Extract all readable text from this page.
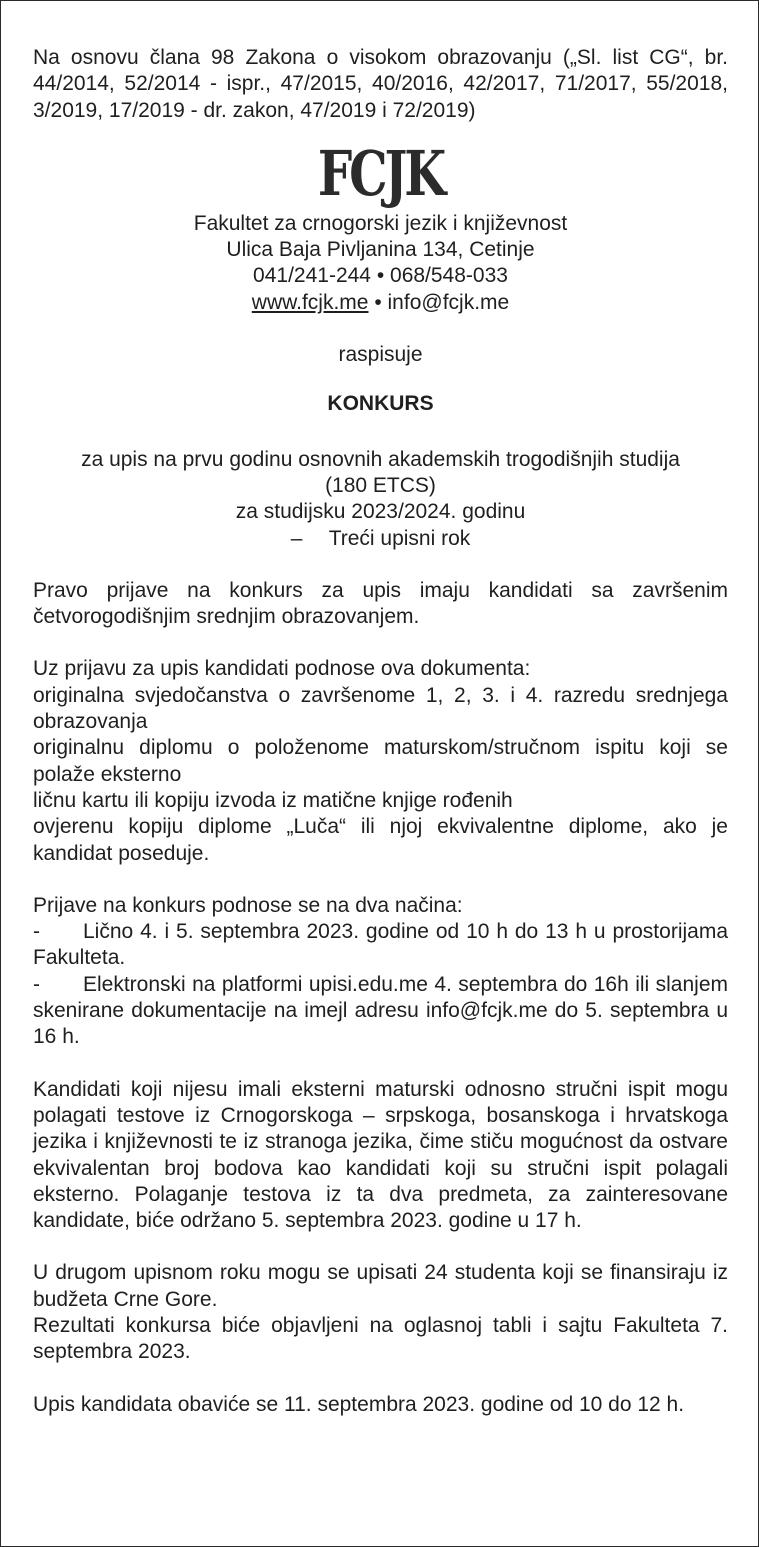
Na osnovu člana 98 Zakona o visokom obrazovanju („Sl. list CG“, br. 44/2014, 52/2014 - ispr., 47/2015, 40/2016, 42/2017, 71/2017, 55/2018, 3/2019, 17/2019 - dr. zakon, 47/2019 i 72/2019)

FCJK
Fakultet za crnogorski jezik i književnost
Ulica Baja Pivljanina 134, Cetinje
041/241-244 • 068/548-033
www.fcjk.me • info@fcjk.me

raspisuje

KONKURS

za upis na prvu godinu osnovnih akademskih trogodišnjih studija
(180 ETCS)
za studijsku 2023/2024. godinu
– Treći upisni rok

Pravo prijave na konkurs za upis imaju kandidati sa završenim četvorogodišnjim srednjim obrazovanjem.

Uz prijavu za upis kandidati podnose ova dokumenta:
originalna svjedočanstva o završenome 1, 2, 3. i 4. razredu srednjega obrazovanja
originalnu diplomu o položenome maturskom/stručnom ispitu koji se polaže eksterno
ličnu kartu ili kopiju izvoda iz matične knjige rođenih
ovjerenu kopiju diplome „Luča“ ili njoj ekvivalentne diplome, ako je kandidat poseduje.
Prijave na konkurs podnose se na dva načina:
- Lično 4. i 5. septembra 2023. godine od 10 h do 13 h u prostorijama Fakulteta.
- Elektronski na platformi upisi.edu.me 4. septembra do 16h ili slanjem skenirane dokumentacije na imejl adresu info@fcjk.me do 5. septembra u 16 h.

Kandidati koji nijesu imali eksterni maturski odnosno stručni ispit mogu polagati testove iz Crnogorskoga – srpskoga, bosanskoga i hrvatskoga jezika i književnosti te iz stranoga jezika, čime stiču mogućnost da ostvare ekvivalentan broj bodova kao kandidati koji su stručni ispit polagali eksterno. Polaganje testova iz ta dva predmeta, za zainteresovane kandidate, biće održano 5. septembra 2023. godine u 17 h.

U drugom upisnom roku mogu se upisati 24 studenta koji se finansiraju iz budžeta Crne Gore.
Rezultati konkursa biće objavljeni na oglasnoj tabli i sajtu Fakulteta 7. septembra 2023.

Upis kandidata obaviće se 11. septembra 2023. godine od 10 do 12 h.
